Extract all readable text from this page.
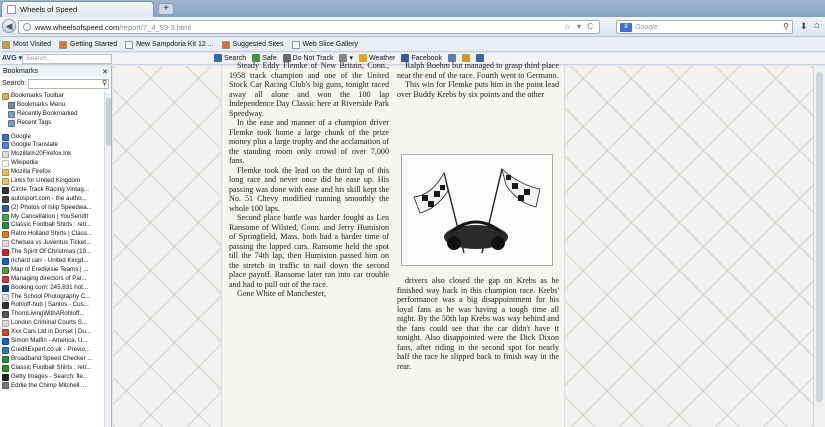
Wheels of Speed	+
◀	www.wheelsofspeed.com /report/7_4_59-3.html	☆ ▾ C	8	Google	⚲ ⬇ ⌂
Most Visited	Getting Started	New Sampdoria Kit 12 ...	Suggested Sites	Web Slice Gallery
AVG ▾ Search...	Search Safe Do Not Track ▾ Weather Facebook
Bookmarks	✕
Search:	⚲
Bookmarks Toolbar
Bookmarks Menu
Recently Bookmarked
Recent Tags
Google
Google Translate
Mozilla%20Firefox.lnk
Wikipedia
Mozilla Firefox
Links for United Kingdom
Circle Track Racing Vintag...
autosport.com - the autho...
(2) Photos of Islip Speedwa...
My Cancellation | YouSendIt
Classic Football Shirts : retr...
Retro Holland Shirts | Class...
Chelsea vs Juventus Ticket...
The Spirit Of Christmas (19...
richard carr - United Kingd...
Map of Eredivisie Teams | ...
Managing directors of Par...
Booking.com: 245,831 hot...
The School Photography C...
Rohloff-hub | Santos - Cus...
ThornLivingWithARohloff...
London Criminal Courts S...
Xxx Cars Ltd in Dorset | Du...
Simon Malfin - America, U...
CreditExpert.co.uk - Previo...
Broadband Speed Checker ...
Classic Football Shirts : retr...
Getty Images - Search: fle...
Eddie the Chimp Mitchell ...

Steady Eddy Flemke of New Britain, Conn., 1958 track champion and one of the United Stock Car Racing Club's big guns, tonight raced away all alone and won the 100 lap Independence Day Classic here at Riverside Park Speedway.

In the ease and manner of a champion driver Flemke took home a large chunk of the prize money plus a large trophy and the acclamation of the standing room only crowd of over 7,000 fans.

Flemke took the lead on the third lap of this long race and never once did he ease up. His passing was done with ease and his skill kept the No. 51 Chevy modified running smoothly the whole 100 laps.

Second place battle was harder fought as Len Ransome of Wilsted, Conn. and Jerry Humiston of Springfield, Mass. both had a harder time of passing the lapped cars. Ransome held the spot till the 74th lap, then Humiston passed him on the stretch in traffic to nail down the second place payoff. Ransome later ran into car trouble and had to pull out of the race.

Gene White of Manchester,

Ralph Boehm but managed to grasp third place near the end of the race. Fourth went to Germano.

This win for Flemke puts him in the point lead over Buddy Krebs by six points and the other

drivers also closed the gap on Krebs as he finished way back in this champion race. Krebs' performance was a big disappointment for his loyal fans as he was having a tough time all night. By the 50th lap Krebs was way behind and the fans could see that the car didn't have it tonight. Also disappointed were the Dick Dixon fans, after riding in the second spot for nearly half the race he slipped back to finish way in the rear.
